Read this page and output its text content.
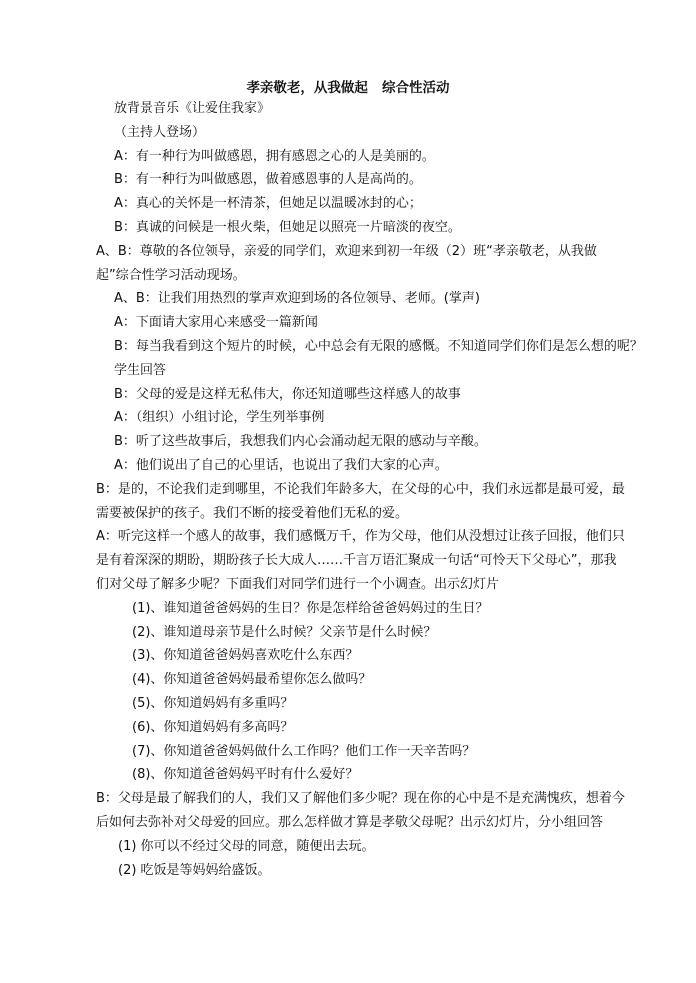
孝亲敬老，从我做起   综合性活动

放背景音乐《让爱住我家》

（主持人登场）

A：有一种行为叫做感恩，拥有感恩之心的人是美丽的。

B：有一种行为叫做感恩，做着感恩事的人是高尚的。

A：真心的关怀是一杯清茶，但她足以温暖冰封的心；

B：真诚的问候是一根火柴，但她足以照亮一片暗淡的夜空。

A、B：尊敬的各位领导，亲爱的同学们，欢迎来到初一年级（2）班“孝亲敬老，从我做起”综合性学习活动现场。

A、B：让我们用热烈的掌声欢迎到场的各位领导、老师。(掌声)

A：下面请大家用心来感受一篇新闻

B：每当我看到这个短片的时候，心中总会有无限的感慨。不知道同学们你们是怎么想的呢？

学生回答

B：父母的爱是这样无私伟大，你还知道哪些这样感人的故事

A：（组织）小组讨论，学生列举事例

B：听了这些故事后，我想我们内心会涌动起无限的感动与辛酸。

A：他们说出了自己的心里话，也说出了我们大家的心声。

B：是的，不论我们走到哪里，不论我们年龄多大，在父母的心中，我们永远都是最可爱，最需要被保护的孩子。我们不断的接受着他们无私的爱。

A：听完这样一个感人的故事，我们感慨万千，作为父母，他们从没想过让孩子回报，他们只是有着深深的期盼，期盼孩子长大成人……千言万语汇聚成一句话“可怜天下父母心”，那我们对父母了解多少呢？下面我们对同学们进行一个小调查。出示幻灯片

(1)、谁知道爸爸妈妈的生日？你是怎样给爸爸妈妈过的生日？

(2)、谁知道母亲节是什么时候？父亲节是什么时候？

(3)、你知道爸爸妈妈喜欢吃什么东西？

(4)、你知道爸爸妈妈最希望你怎么做吗？

(5)、你知道妈妈有多重吗？

(6)、你知道妈妈有多高吗？

(7)、你知道爸爸妈妈做什么工作吗？他们工作一天辛苦吗？

(8)、你知道爸爸妈妈平时有什么爱好？

B：父母是最了解我们的人，我们又了解他们多少呢？现在你的心中是不是充满愧疚，想着今后如何去弥补对父母爱的回应。那么怎样做才算是孝敬父母呢？出示幻灯片，分小组回答

(1) 你可以不经过父母的同意，随便出去玩。

(2) 吃饭是等妈妈给盛饭。
